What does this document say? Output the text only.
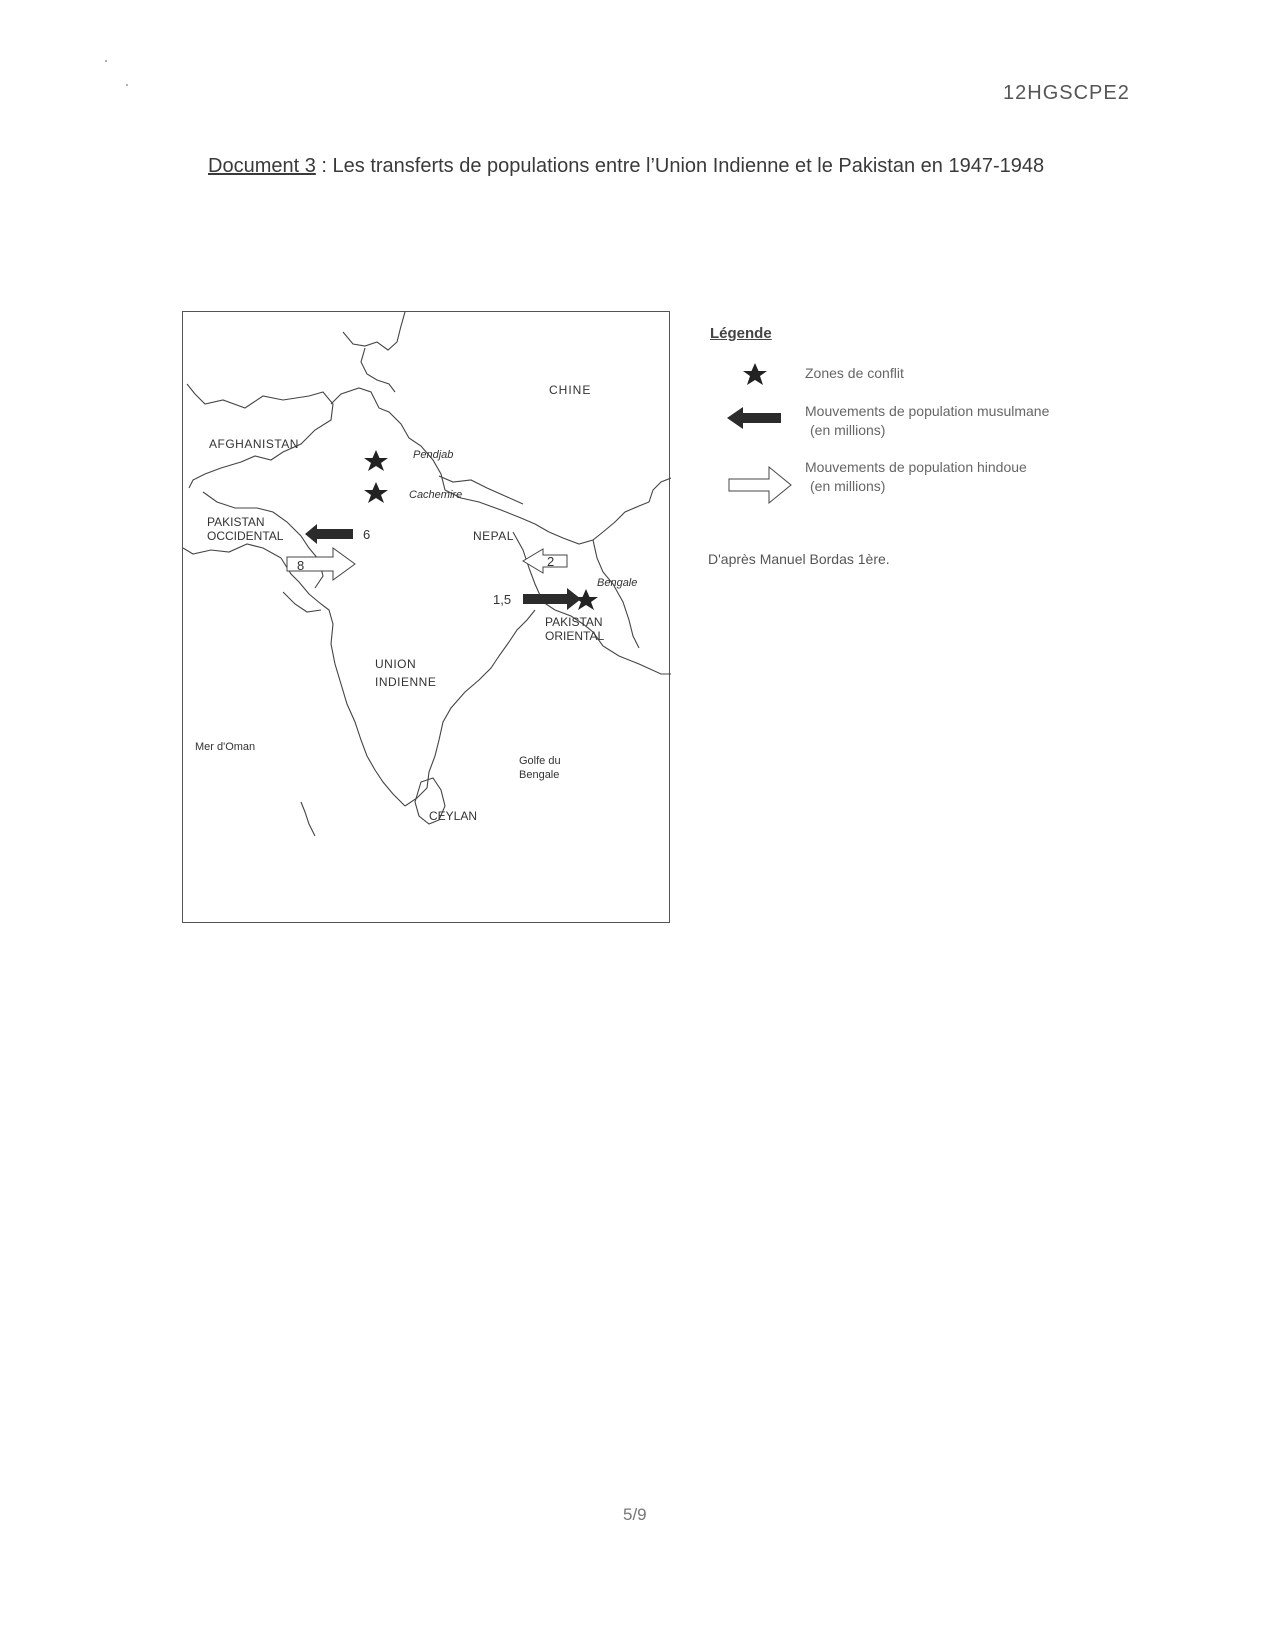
12HGSCPE2
Document 3 : Les transferts de populations entre l’Union Indienne et le Pakistan en 1947-1948
CHINE
AFGHANISTAN
Pendjab
Cachemire
PAKISTAN
OCCIDENTAL	6
8
NEPAL
2
Bengale
1,5
PAKISTAN
ORIENTAL
UNION
INDIENNE
Mer d'Oman
Golfe du
Bengale
CEYLAN
Légende
Zones de conflit
Mouvements de population musulmane
(en millions)
Mouvements de population hindoue
(en millions)
D'après Manuel Bordas 1ère.
5/9
